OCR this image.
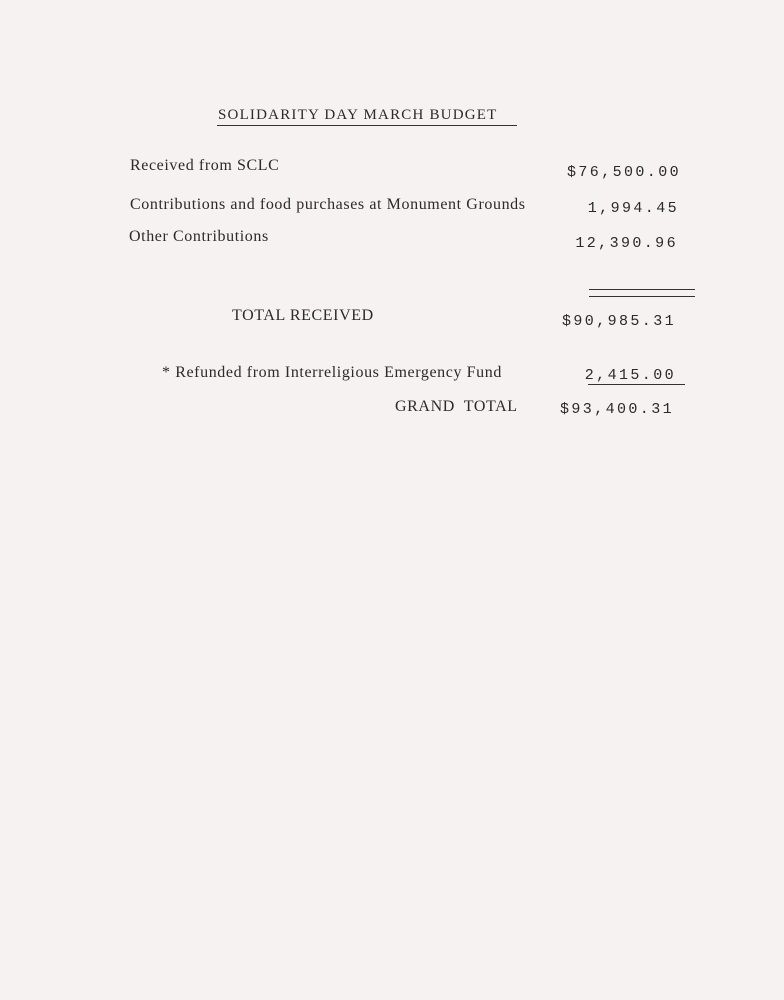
SOLIDARITY DAY MARCH BUDGET
Received from SCLC	$76,500.00
Contributions and food purchases at Monument Grounds	1,994.45
Other Contributions	12,390.96
TOTAL RECEIVED	$90,985.31
* Refunded from Interreligious Emergency Fund	2,415.00
GRAND  TOTAL	$93,400.31
